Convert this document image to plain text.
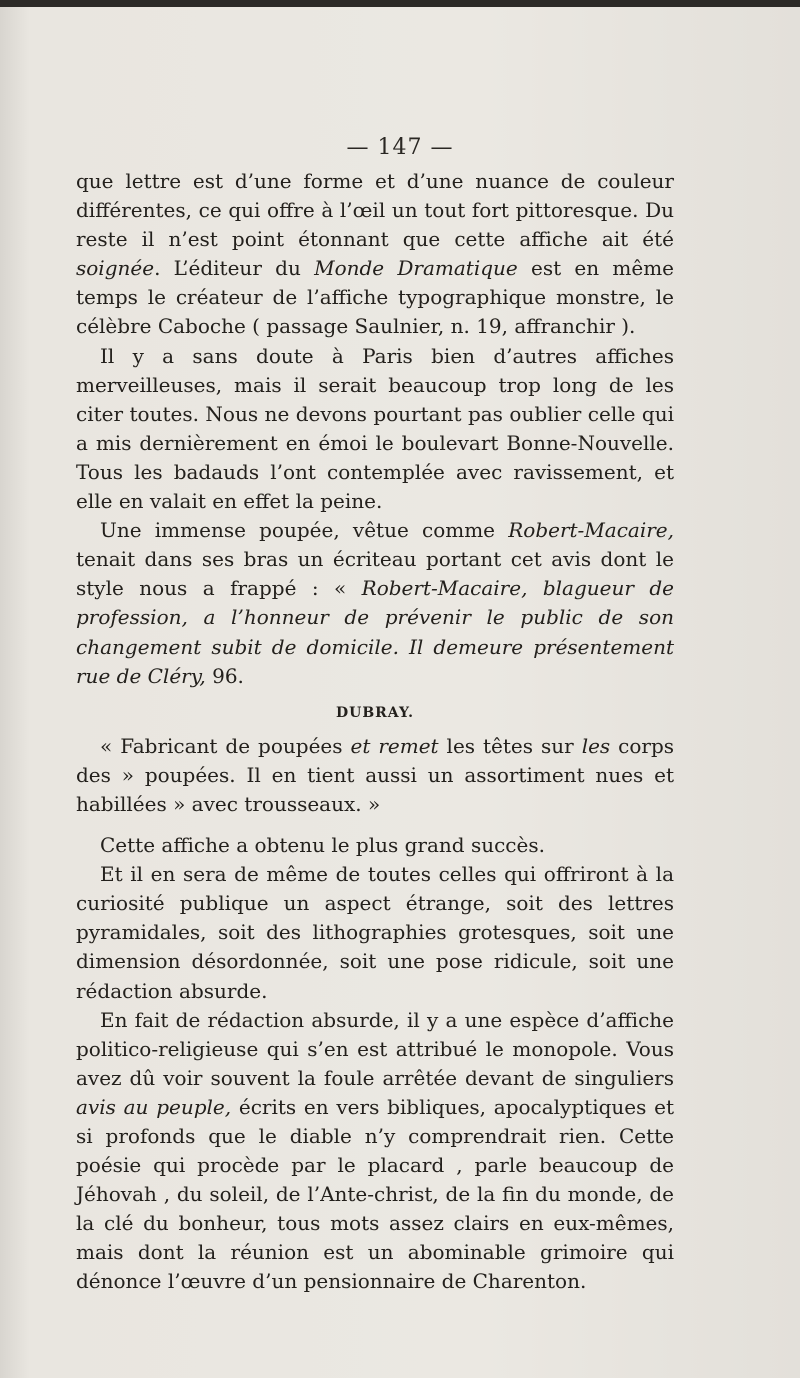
— 147 —

que lettre est d’une forme et d’une nuance de couleur différentes, ce qui offre à l’œil un tout fort pittoresque. Du reste il n’est point étonnant que cette affiche ait été soignée. L’éditeur du Monde Dramatique est en même temps le créateur de l’affiche typographique monstre, le célèbre Caboche ( passage Saulnier, n. 19, affranchir ).

Il y a sans doute à Paris bien d’autres affiches merveilleuses, mais il serait beaucoup trop long de les citer toutes. Nous ne devons pourtant pas oublier celle qui a mis dernièrement en émoi le boulevart Bonne-Nouvelle. Tous les badauds l’ont contemplée avec ravissement, et elle en valait en effet la peine.

Une immense poupée, vêtue comme Robert-Macaire, tenait dans ses bras un écriteau portant cet avis dont le style nous a frappé : « Robert-Macaire, blagueur de profession, a l’honneur de prévenir le public de son changement subit de domicile. Il demeure présentement rue de Cléry, 96.

DUBRAY.

« Fabricant de poupées et remet les têtes sur les corps des » poupées. Il en tient aussi un assortiment nues et habillées » avec trousseaux. »

Cette affiche a obtenu le plus grand succès.

Et il en sera de même de toutes celles qui offriront à la curiosité publique un aspect étrange, soit des lettres pyramidales, soit des lithographies grotesques, soit une dimension désordonnée, soit une pose ridicule, soit une rédaction absurde.

En fait de rédaction absurde, il y a une espèce d’affiche politico-religieuse qui s’en est attribué le monopole. Vous avez dû voir souvent la foule arrêtée devant de singuliers avis au peuple, écrits en vers bibliques, apocalyptiques et si profonds que le diable n’y comprendrait rien. Cette poésie qui procède par le placard , parle beaucoup de Jéhovah , du soleil, de l’Ante-christ, de la fin du monde, de la clé du bonheur, tous mots assez clairs en eux-mêmes, mais dont la réunion est un abominable grimoire qui dénonce l’œuvre d’un pensionnaire de Charenton.
